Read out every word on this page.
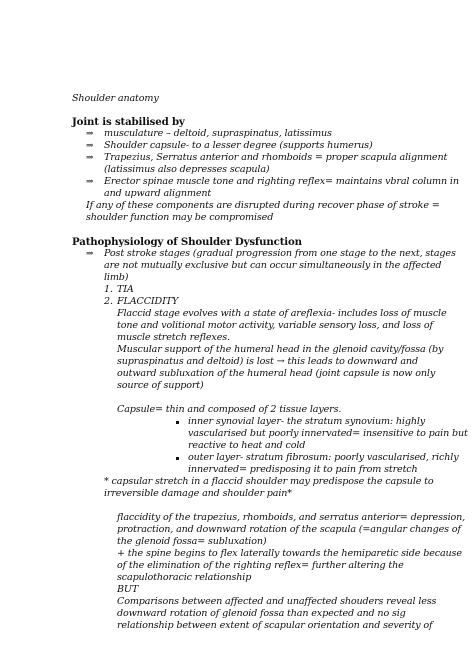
Shoulder anatomy
Joint is stabilised by
⇒ musculature – deltoid, supraspinatus, latissimus
⇒ Shoulder capsule- to a lesser degree (supports humerus)
⇒ Trapezius, Serratus anterior and rhomboids = proper scapula alignment
(latissimus also depresses scapula)
⇒ Erector spinae muscle tone and righting reflex= maintains vbral column in
and upward alignment
If any of these components are disrupted during recover phase of stroke =
shoulder function may be compromised
Pathophysiology of Shoulder Dysfunction
⇒ Post stroke stages (gradual progression from one stage to the next, stages
are not mutually exclusive but can occur simultaneously in the affected
limb)
1. TIA
2. FLACCIDITY
Flaccid stage evolves with a state of areflexia- includes loss of muscle
tone and volitional motor activity, variable sensory loss, and loss of
muscle stretch reflexes.
Muscular support of the humeral head in the glenoid cavity/fossa (by
supraspinatus and deltoid) is lost → this leads to downward and
outward subluxation of the humeral head (joint capsule is now only
source of support)
Capsule= thin and composed of 2 tissue layers.
inner synovial layer- the stratum synovium: highly
vascularised but poorly innervated= insensitive to pain but
reactive to heat and cold
outer layer- stratum fibrosum: poorly vascularised, richly
innervated= predisposing it to pain from stretch
* capsular stretch in a flaccid shoulder may predispose the capsule to
irreversible damage and shoulder pain*
flaccidity of the trapezius, rhomboids, and serratus anterior= depression,
protraction, and downward rotation of the scapula (=angular changes of
the glenoid fossa= subluxation)
+ the spine begins to flex laterally towards the hemiparetic side because
of the elimination of the righting reflex= further altering the
scapulothoracic relationship
BUT
Comparisons between affected and unaffected shouders reveal less
downward rotation of glenoid fossa than expected and no sig
relationship between extent of scapular orientation and severity of
